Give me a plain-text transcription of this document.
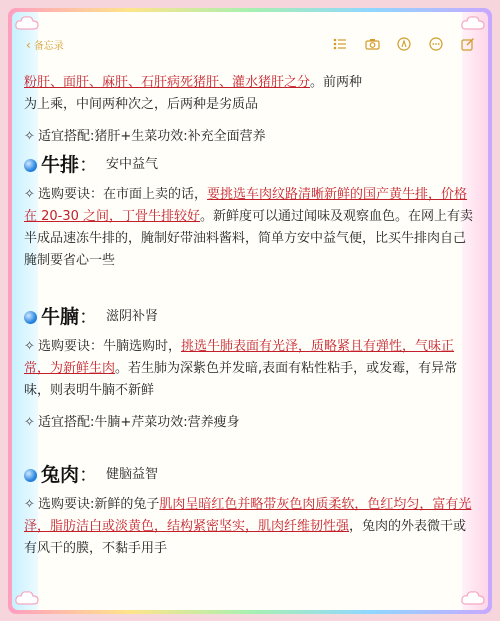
‹ 备忘录

粉肝、面肝、麻肝、石肝病死猪肝、灌水猪肝之分。前两种
为上乘，中间两种次之，后两种是劣质品

✧ 适宜搭配:猪肝+生菜功效:补充全面营养

牛排 ： 安中益气

✧ 选购要诀：在市面上卖的话，要挑选车肉纹路清晰新鲜的国产黄牛排，价格在 20-30 之间，丁骨牛排较好。新鲜度可以通过闻味及观察血色。在网上有卖半成品速冻牛排的，腌制好带油料酱料，简单方安中益气便，比买牛排肉自己腌制要省心一些

牛腩 ： 滋阴补肾

✧ 选购要诀：牛腩选购时，挑选牛肺表面有光泽，质略紧且有弹性，气味正常，为新鲜生肉。若生肺为深紫色并发暗,表面有粘性粘手，或发霉，有异常味，则表明牛腩不新鲜

✧ 适宜搭配:牛腩+芹菜功效:营养瘦身

兔肉 ： 健脑益智

✧ 选购要诀:新鲜的兔子肌肉呈暗红色并略带灰色肉质柔软，色红均匀，富有光泽，脂肪洁白或淡黄色，结构紧密坚实，肌肉纤维韧性强，兔肉的外表微干或有风干的膜，不黏手用手
